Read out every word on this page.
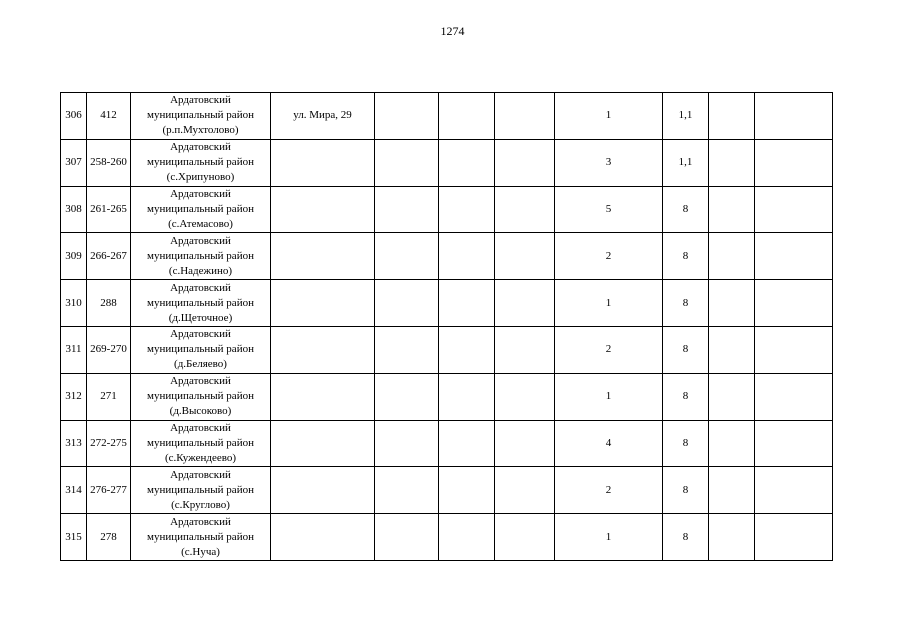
1274
306	412	Ардатовский
муниципальный район
(р.п.Мухтолово)	ул. Мира, 29				1	1,1		
307	258-260	Ардатовский
муниципальный район
(с.Хрипуново)					3	1,1		
308	261-265	Ардатовский
муниципальный район
(с.Атемасово)					5	8		
309	266-267	Ардатовский
муниципальный район
(с.Надежино)					2	8		
310	288	Ардатовский
муниципальный район
(д.Щеточное)					1	8		
311	269-270	Ардатовский
муниципальный район
(д.Беляево)					2	8		
312	271	Ардатовский
муниципальный район
(д.Высоково)					1	8		
313	272-275	Ардатовский
муниципальный район
(с.Кужендеево)					4	8		
314	276-277	Ардатовский
муниципальный район
(с.Круглово)					2	8		
315	278	Ардатовский
муниципальный район
(с.Нуча)					1	8		
